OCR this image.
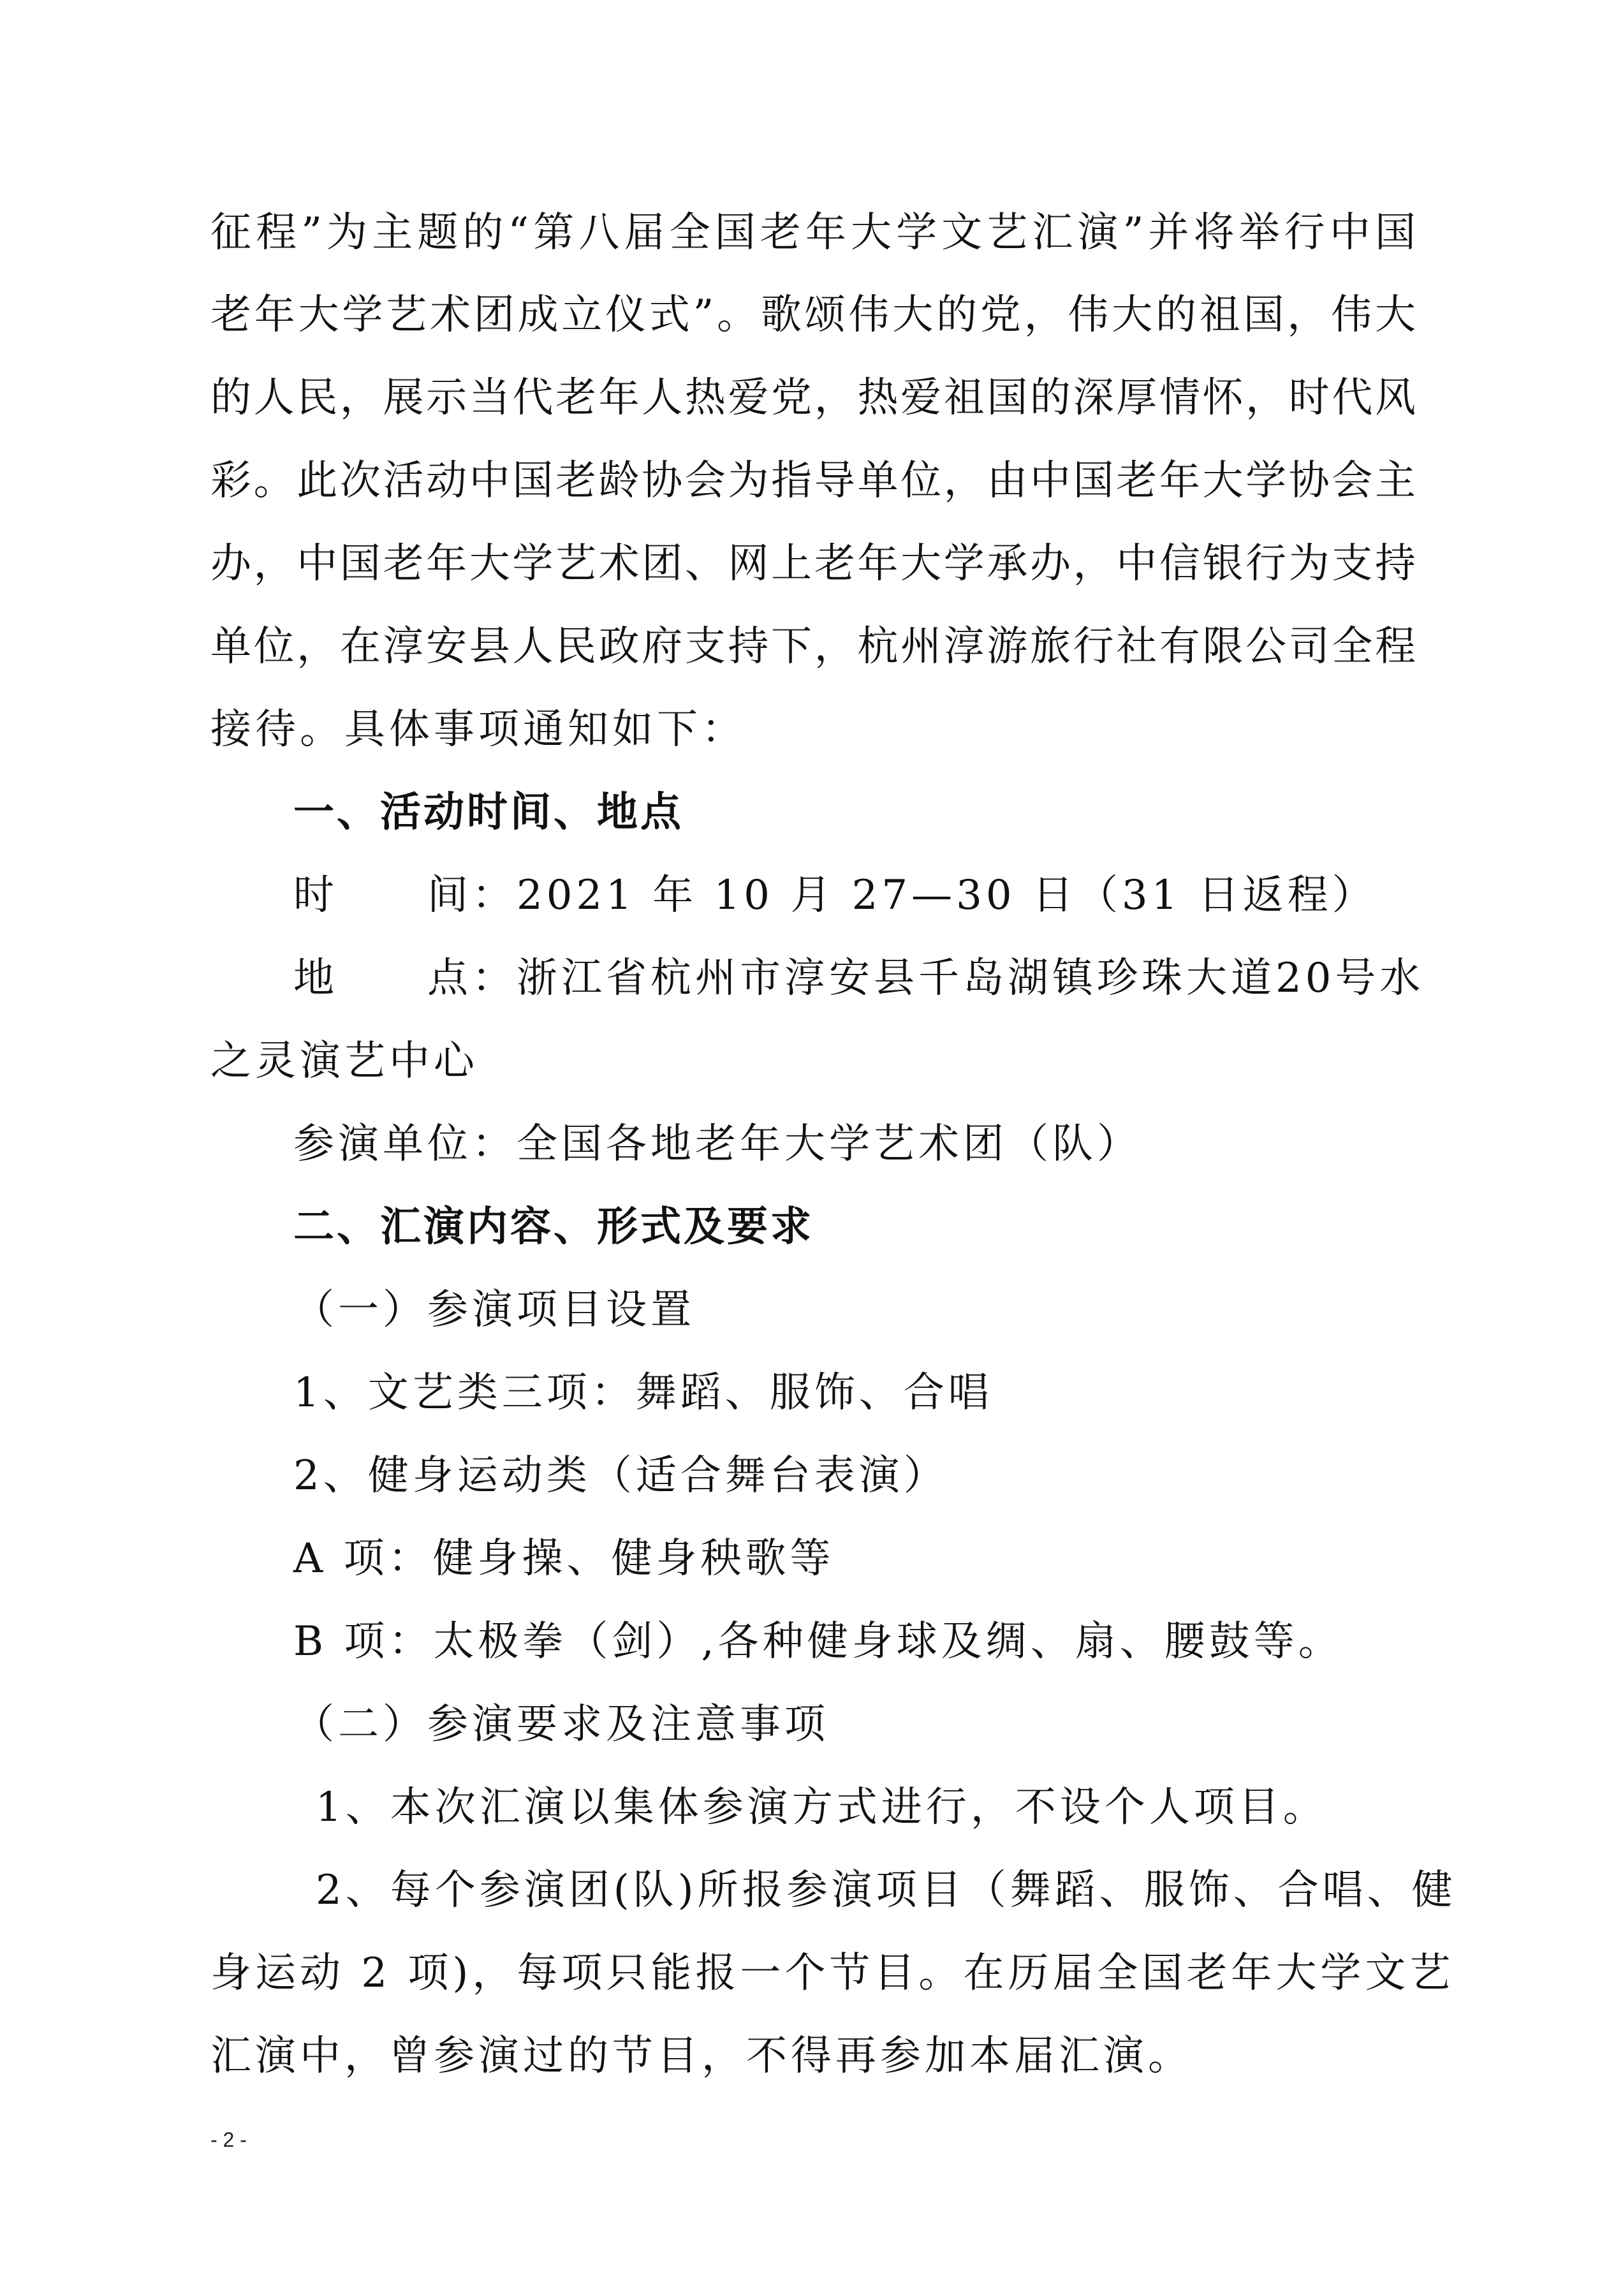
征程”为主题的“第八届全国老年大学文艺汇演”并将举行中国
老年大学艺术团成立仪式”。歌颂伟大的党，伟大的祖国，伟大
的人民，展示当代老年人热爱党，热爱祖国的深厚情怀，时代风
彩。此次活动中国老龄协会为指导单位，由中国老年大学协会主
办，中国老年大学艺术团、网上老年大学承办，中信银行为支持
单位，在淳安县人民政府支持下，杭州淳游旅行社有限公司全程
接待。具体事项通知如下：
一、活动时间、地点
时　　间：2021 年 10 月 27—30 日（31 日返程）
地　　点：浙江省杭州市淳安县千岛湖镇珍珠大道20号水
之灵演艺中心
参演单位：全国各地老年大学艺术团（队）
二、汇演内容、形式及要求
（一）参演项目设置
1、文艺类三项：舞蹈、服饰、合唱
2、健身运动类（适合舞台表演）
A 项：健身操、健身秧歌等
B 项：太极拳（剑）,各种健身球及绸、扇、腰鼓等。
（二）参演要求及注意事项
1、本次汇演以集体参演方式进行，不设个人项目。
2、每个参演团(队)所报参演项目（舞蹈、服饰、合唱、健
身运动 2 项)，每项只能报一个节目。在历届全国老年大学文艺
汇演中，曾参演过的节目，不得再参加本届汇演。
- 2 -
